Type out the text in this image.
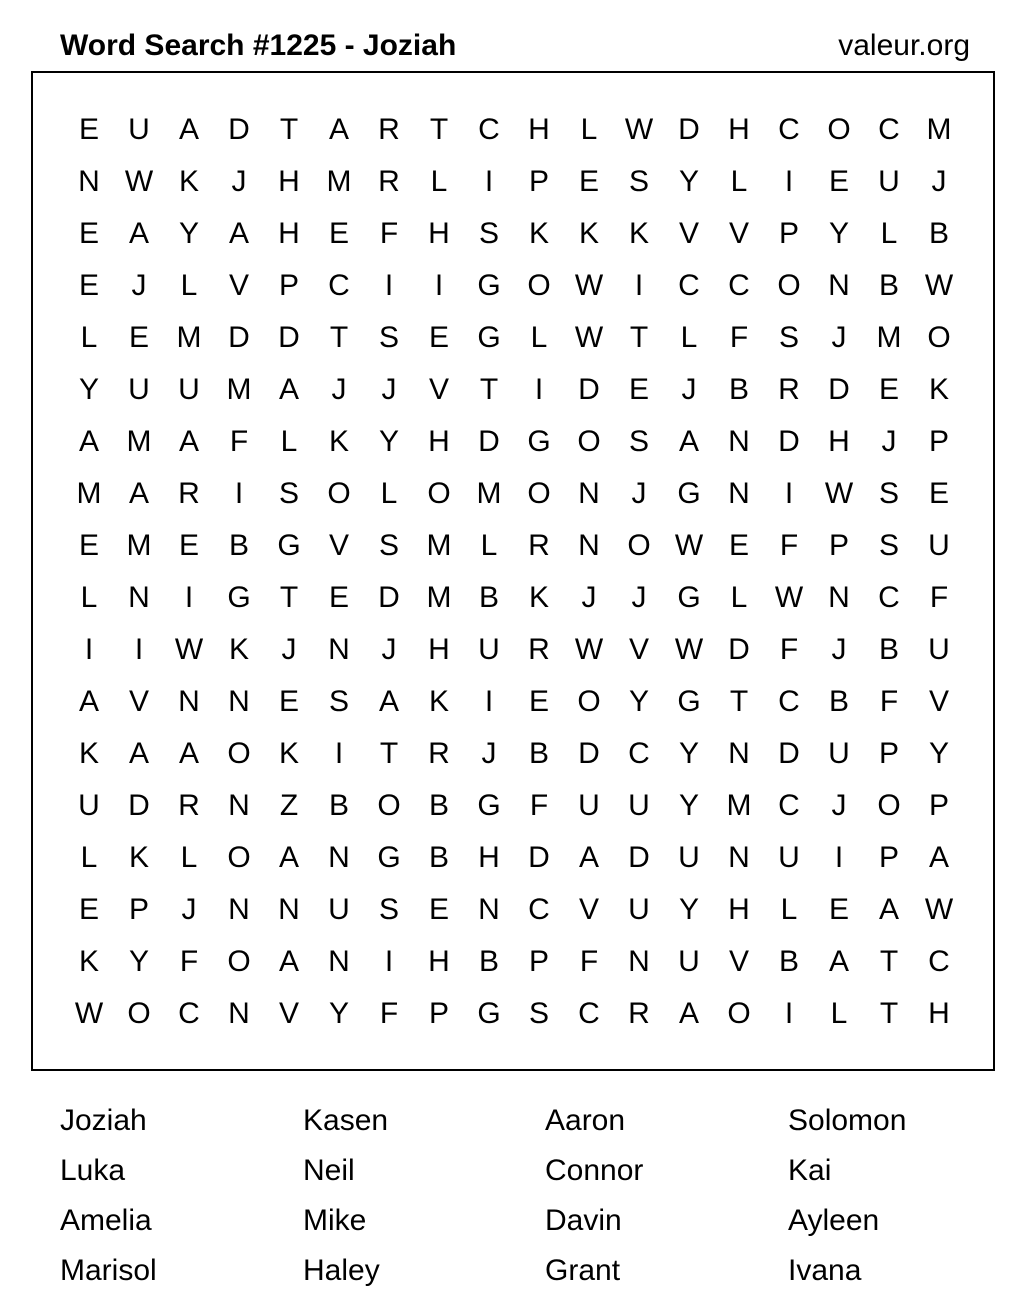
Word Search #1225 - Joziah	valeur.org
E U A D	T	A R	T	C H	L W D H C O C M
N W K	J	H M R	L	I	P E S Y	L	I	E U	J
E A Y A H E	F	H S K K K V V P Y	L	B
E	J	L	V P C	I	I	G O W	I	C C O N B W
L	E M D D	T	S E G L W T	L	F	S	J	M O
Y U U M A	J	J	V	T	I	D E	J	B R D E K
A M A	F	L	K Y H D G O S A N D H	J	P
M A R	I	S O L O M O N	J	G N	I	W S E
E M E B G V S M L	R N O W E	F	P S U
L	N	I	G T	E D M B K	J	J	G L W N C	F
I	I	W K	J	N	J	H U R W V W D	F	J	B U
A V N N E S A K	I	E O Y G T	C B	F	V
K A A O K	I	T	R	J	B D C Y N D U P Y
U D R N	Z	B O B G F	U U Y M C	J	O P
L	K	L O A N G B H D A D U N U	I	P A
E P	J	N N U S E N C V U Y H	L	E A W
K Y	F O A N	I	H B P	F	N U V B A	T	C
W O C N V Y	F	P G S C R A O	I	L	T	H
Joziah	Kasen	Aaron	Solomon
Luka	Neil	Connor	Kai
Amelia	Mike	Davin	Ayleen
Marisol	Haley	Grant	Ivana
